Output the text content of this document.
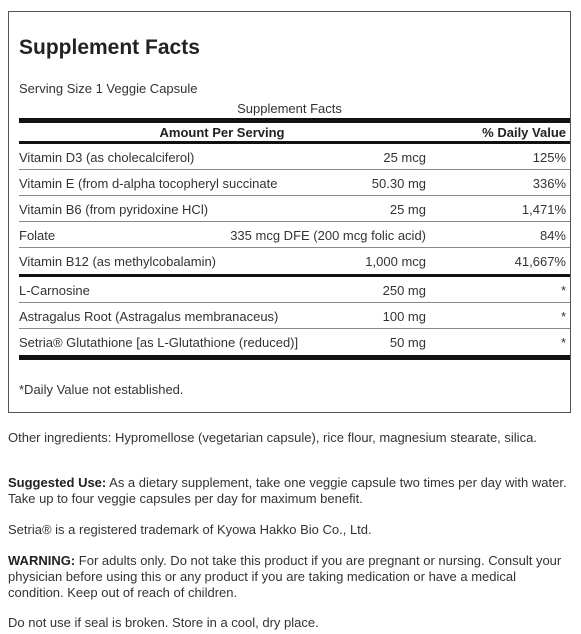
Supplement Facts
Serving Size 1 Veggie Capsule
Supplement Facts
Amount Per Serving	% Daily Value
Vitamin D3 (as cholecalciferol)	25 mcg	125%
Vitamin E (from d-alpha tocopheryl succinate	50.30 mg	336%
Vitamin B6 (from pyridoxine HCl)	25 mg	1,471%
Folate	335 mcg DFE (200 mcg folic acid)	84%
Vitamin B12 (as methylcobalamin)	1,000 mcg	41,667%
L-Carnosine	250 mg	*
Astragalus Root (Astragalus membranaceus)	100 mg	*
Setria® Glutathione [as L-Glutathione (reduced)]	50 mg	*
*Daily Value not established.
Other ingredients: Hypromellose (vegetarian capsule), rice flour, magnesium stearate, silica.
Suggested Use: As a dietary supplement, take one veggie capsule two times per day with water. Take up to four veggie capsules per day for maximum benefit.
Setria® is a registered trademark of Kyowa Hakko Bio Co., Ltd.
WARNING: For adults only. Do not take this product if you are pregnant or nursing. Consult your physician before using this or any product if you are taking medication or have a medical condition. Keep out of reach of children.
Do not use if seal is broken. Store in a cool, dry place.
